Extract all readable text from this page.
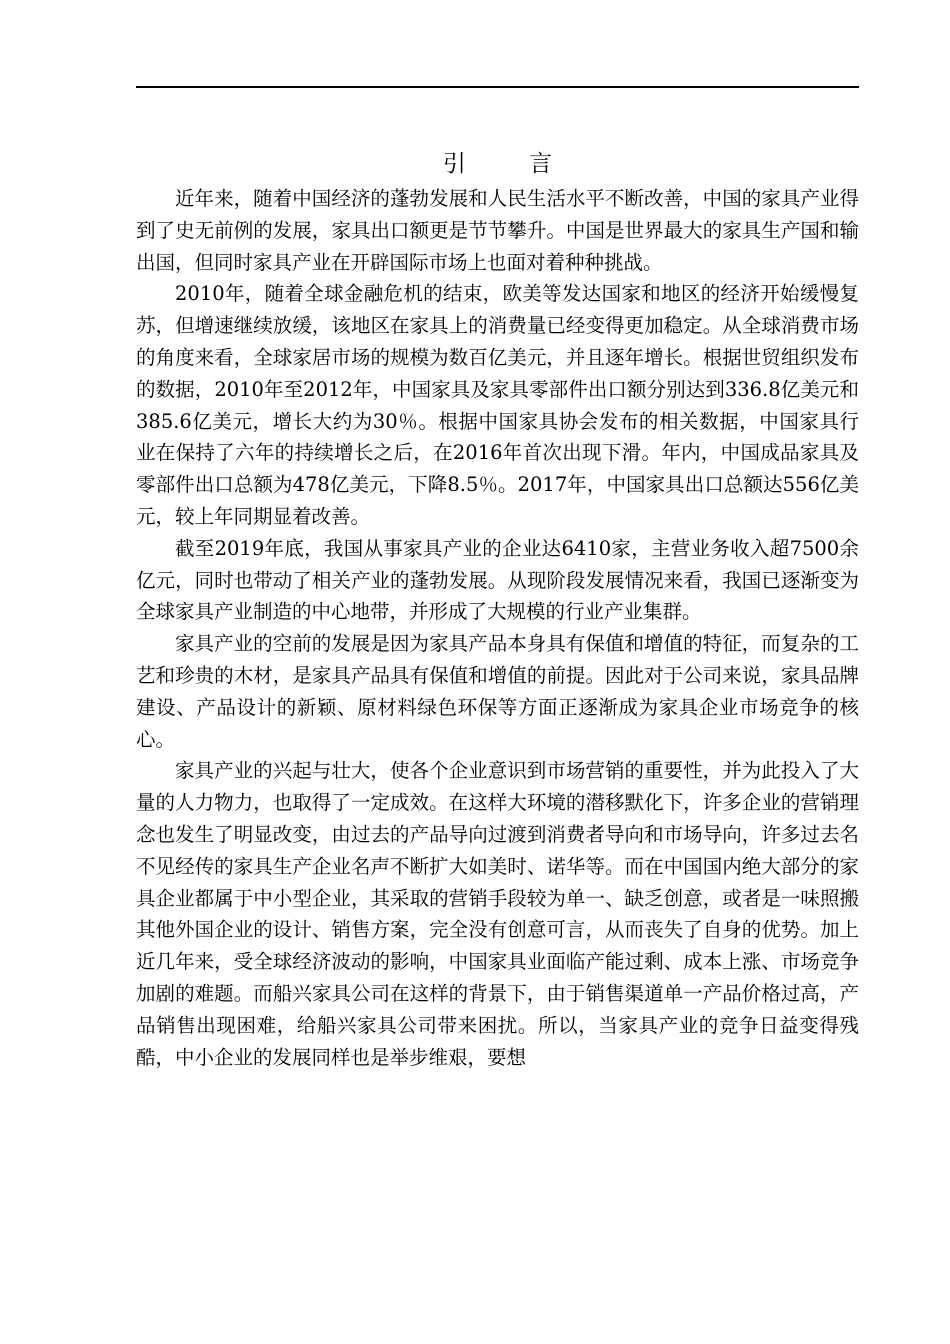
引 言

近年来，随着中国经济的蓬勃发展和人民生活水平不断改善，中国的家具产业得到了史无前例的发展，家具出口额更是节节攀升。中国是世界最大的家具生产国和输出国，但同时家具产业在开辟国际市场上也面对着种种挑战。

2010年，随着全球金融危机的结束，欧美等发达国家和地区的经济开始缓慢复苏，但增速继续放缓，该地区在家具上的消费量已经变得更加稳定。从全球消费市场的角度来看，全球家居市场的规模为数百亿美元，并且逐年增长。根据世贸组织发布的数据，2010年至2012年，中国家具及家具零部件出口额分别达到336.8亿美元和385.6亿美元，增长大约为30％。根据中国家具协会发布的相关数据，中国家具行业在保持了六年的持续增长之后，在2016年首次出现下滑。年内，中国成品家具及零部件出口总额为478亿美元，下降8.5％。2017年，中国家具出口总额达556亿美元，较上年同期显着改善。

截至2019年底，我国从事家具产业的企业达6410家，主营业务收入超7500余亿元，同时也带动了相关产业的蓬勃发展。从现阶段发展情况来看，我国已逐渐变为全球家具产业制造的中心地带，并形成了大规模的行业产业集群。

家具产业的空前的发展是因为家具产品本身具有保值和增值的特征，而复杂的工艺和珍贵的木材，是家具产品具有保值和增值的前提。因此对于公司来说，家具品牌建设、产品设计的新颖、原材料绿色环保等方面正逐渐成为家具企业市场竞争的核心。

家具产业的兴起与壮大，使各个企业意识到市场营销的重要性，并为此投入了大量的人力物力，也取得了一定成效。在这样大环境的潜移默化下，许多企业的营销理念也发生了明显改变，由过去的产品导向过渡到消费者导向和市场导向，许多过去名不见经传的家具生产企业名声不断扩大如美时、诺华等。而在中国国内绝大部分的家具企业都属于中小型企业，其采取的营销手段较为单一、缺乏创意，或者是一味照搬其他外国企业的设计、销售方案，完全没有创意可言，从而丧失了自身的优势。加上近几年来，受全球经济波动的影响，中国家具业面临产能过剩、成本上涨、市场竞争加剧的难题。而船兴家具公司在这样的背景下，由于销售渠道单一产品价格过高，产品销售出现困难，给船兴家具公司带来困扰。所以，当家具产业的竞争日益变得残酷，中小企业的发展同样也是举步维艰，要想
